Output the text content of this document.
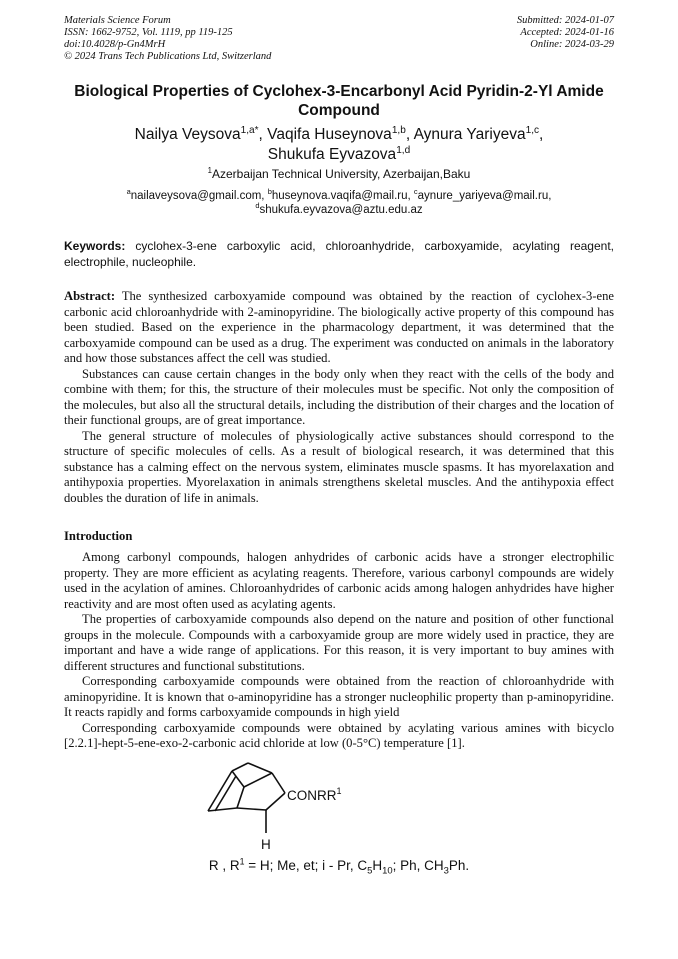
Materials Science Forum
ISSN: 1662-9752, Vol. 1119, pp 119-125
doi:10.4028/p-Gn4MrH
© 2024 Trans Tech Publications Ltd, Switzerland
Submitted: 2024-01-07
Accepted: 2024-01-16
Online: 2024-03-29
Biological Properties of Cyclohex-3-Encarbonyl Acid Pyridin-2-Yl Amide Compound
Nailya Veysova$^{1,a*}$, Vaqifa Huseynova$^{1,b}$, Aynura Yariyeva$^{1,c}$,
Shukufa Eyvazova$^{1,d}$
$^1$Azerbaijan Technical University, Azerbaijan,Baku
$^a$nailaveysova@gmail.com, $^b$huseynova.vaqifa@mail.ru, $^c$aynure_yariyeva@mail.ru,
$^d$shukufa.eyvazova@aztu.edu.az
Keywords: cyclohex-3-ene carboxylic acid, chloroanhydride, carboxyamide, acylating reagent, electrophile, nucleophile.

Abstract: The synthesized carboxyamide compound was obtained by the reaction of cyclohex-3-ene carbonic acid chloroanhydride with 2-aminopyridine. The biologically active property of this compound has been studied. Based on the experience in the pharmacology department, it was determined that the carboxyamide compound can be used as a drug. The experiment was conducted on animals in the laboratory and how those substances affect the cell was studied.

Substances can cause certain changes in the body only when they react with the cells of the body and combine with them; for this, the structure of their molecules must be specific. Not only the composition of the molecules, but also all the structural details, including the distribution of their charges and the location of their functional groups, are of great importance.

The general structure of molecules of physiologically active substances should correspond to the structure of specific molecules of cells. As a result of biological research, it was determined that this substance has a calming effect on the nervous system, eliminates muscle spasms. It has myorelaxation and antihypoxia properties. Myorelaxation in animals strengthens skeletal muscles. And the antihypoxia effect doubles the duration of life in animals.

Introduction

Among carbonyl compounds, halogen anhydrides of carbonic acids have a stronger electrophilic property. They are more efficient as acylating reagents. Therefore, various carbonyl compounds are widely used in the acylation of amines. Chloroanhydrides of carbonic acids among halogen anhydrides have higher reactivity and are most often used as acylating agents.

The properties of carboxyamide compounds also depend on the nature and position of other functional groups in the molecule. Compounds with a carboxyamide group are more widely used in practice, they are important and have a wide range of applications. For this reason, it is very important to buy amines with different structures and functional substitutions.

Corresponding carboxyamide compounds were obtained from the reaction of chloroanhydride with aminopyridine. It is known that o-aminopyridine has a stronger nucleophilic property than p-aminopyridine. It reacts rapidly and forms carboxyamide compounds in high yield

Corresponding carboxyamide compounds were obtained by acylating various amines with bicyclo [2.2.1]-hept-5-ene-exo-2-carbonic acid chloride at low (0-5°C) temperature [1].

CONRR$^1$
H
R , $R^1 = H$; Me, et; i - Pr, $C_5H_{10}$; Ph, $CH_3Ph$.
